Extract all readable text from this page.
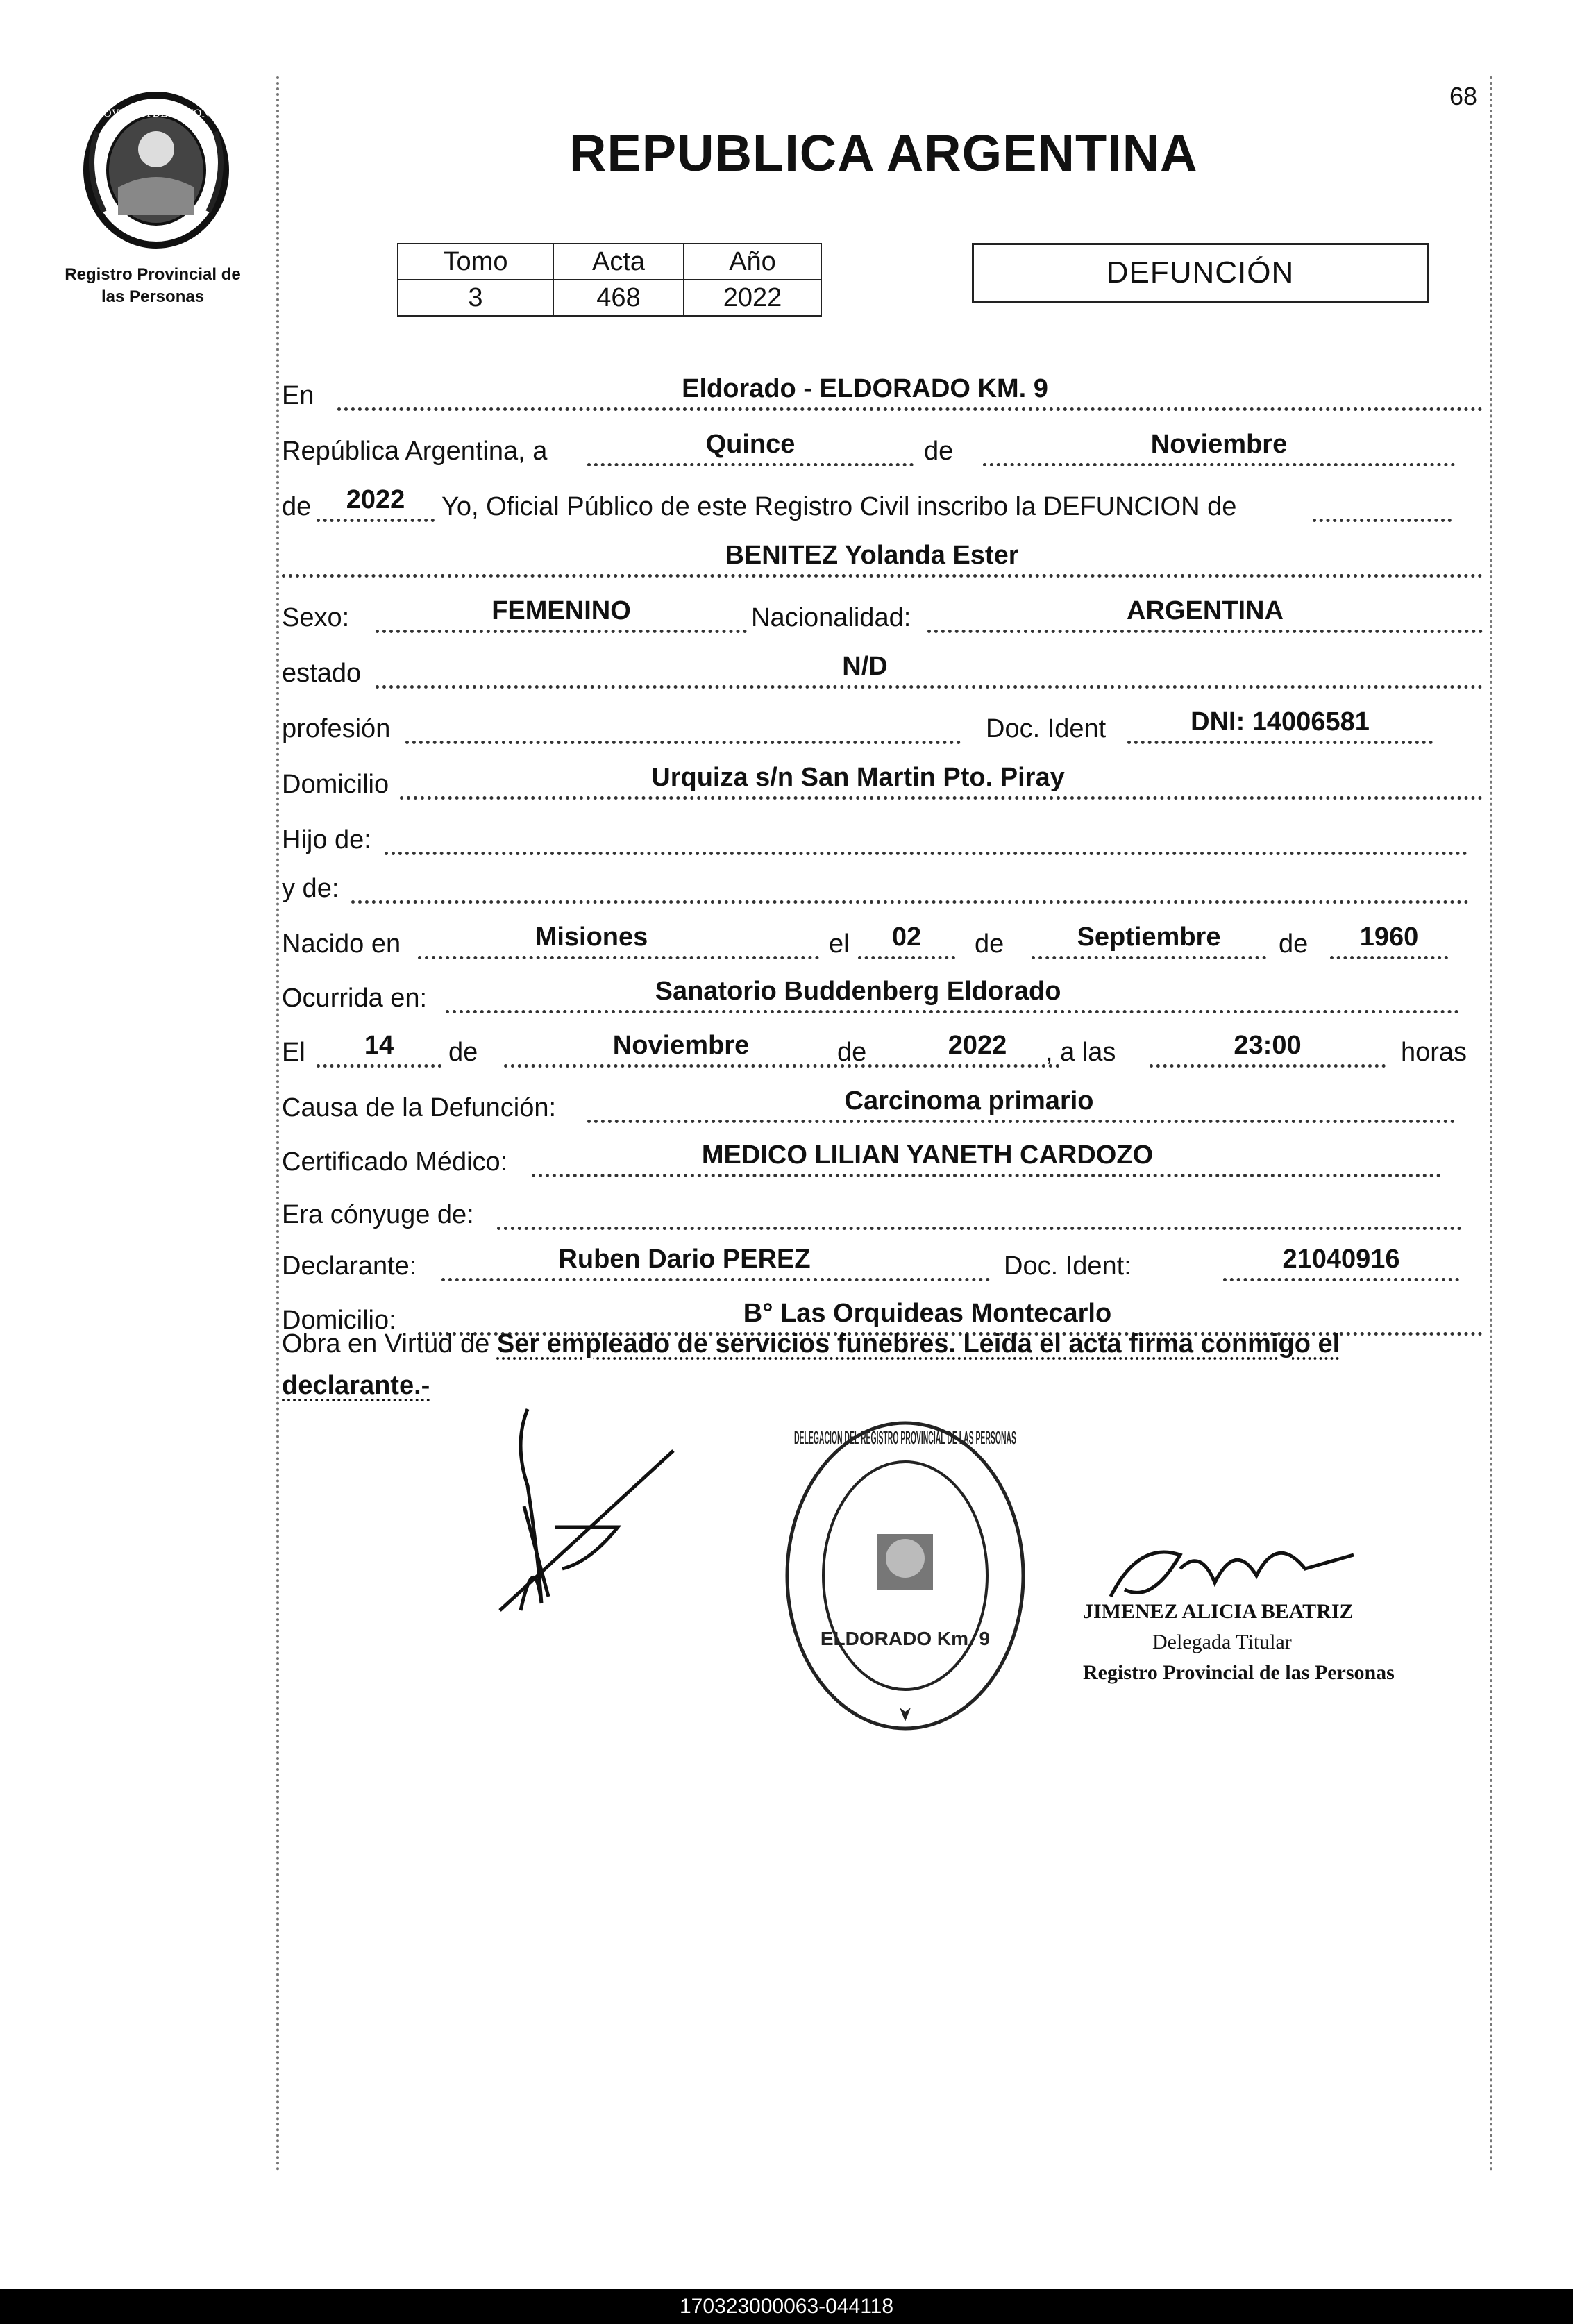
PROVINCIA DE MISIONES
Registro Provincial de
las Personas
68
REPUBLICA ARGENTINA
Tomo	Acta	Año
3	468	2022
DEFUNCIÓN
En	Eldorado - ELDORADO KM. 9
República Argentina, a	Quince	de	Noviembre
de	2022	Yo, Oficial Público de este Registro Civil inscribo la DEFUNCION de
BENITEZ Yolanda Ester
Sexo:	FEMENINO	Nacionalidad:	ARGENTINA
estado	N/D
profesión	Doc. Ident	DNI: 14006581
Domicilio	Urquiza s/n San Martin Pto. Piray
Hijo de:
y de:
Nacido en	Misiones	el	02	de	Septiembre	de	1960
Ocurrida en:	Sanatorio Buddenberg Eldorado
El	14	de	Noviembre	de	2022	, a las	23:00	horas
Causa de la Defunción:	Carcinoma primario
Certificado Médico:	MEDICO LILIAN YANETH CARDOZO
Era cónyuge de:
Declarante:	Ruben Dario PEREZ	Doc. Ident:	21040916
Domicilio:	B° Las Orquideas Montecarlo
Obra en Virtud de Ser empleado de servicios funebres. Leida el acta firma conmigo el declarante.-
DELEGACION DEL REGISTRO PROVINCIAL DE LAS PERSONAS
ELDORADO Km. 9
JIMENEZ ALICIA BEATRIZ
Delegada Titular
Registro Provincial de las Personas
170323000063-044118
